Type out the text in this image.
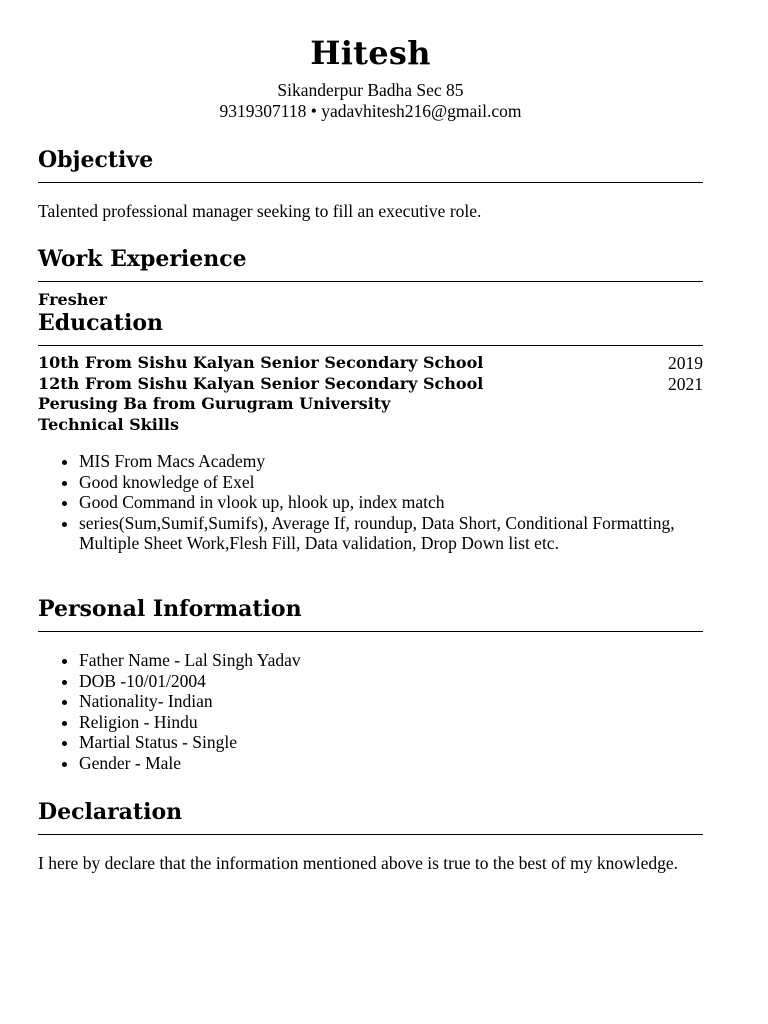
Hitesh
Sikanderpur Badha Sec 85
9319307118 • yadavhitesh216@gmail.com
Objective
Talented professional manager seeking to fill an executive role.
Work Experience
Fresher
Education
10th From Sishu Kalyan Senior Secondary School	2019
12th From Sishu Kalyan Senior Secondary School	2021
Perusing Ba from Gurugram University
Technical Skills
• MIS From Macs Academy
• Good knowledge of Exel
• Good Command in vlook up, hlook up, index match
• series(Sum,Sumif,Sumifs), Average If, roundup, Data Short, Conditional Formatting, Multiple Sheet Work,Flesh Fill, Data validation, Drop Down list etc.
Personal Information
• Father Name - Lal Singh Yadav
• DOB -10/01/2004
• Nationality- Indian
• Religion - Hindu
• Martial Status - Single
• Gender - Male
Declaration
I here by declare that the information mentioned above is true to the best of my knowledge.
